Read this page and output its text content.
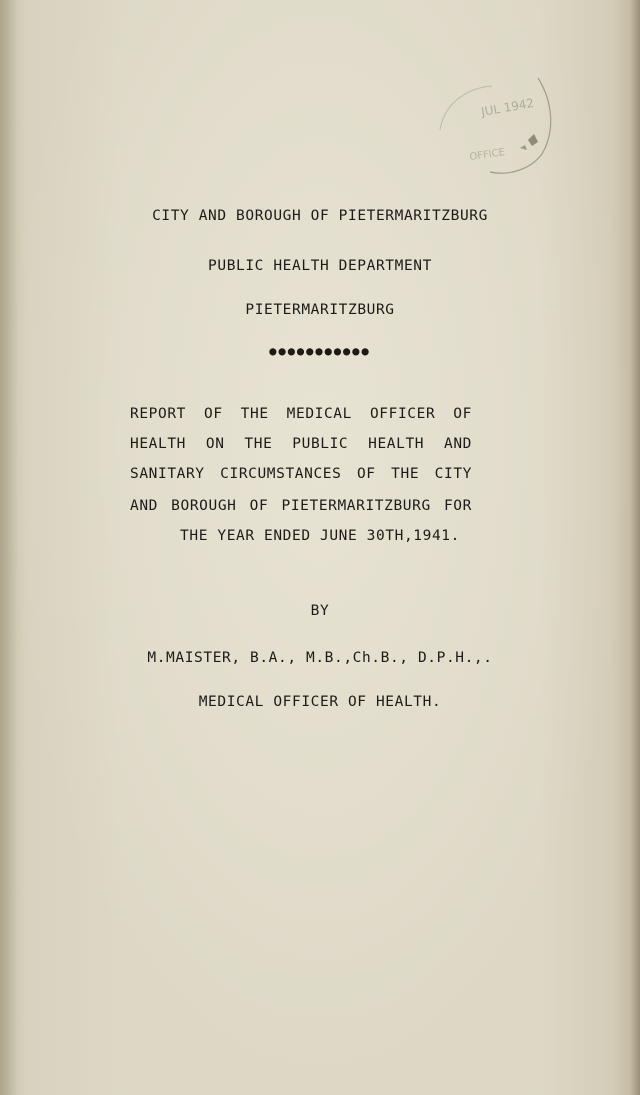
JUL 1942
OFFICE
CITY AND BOROUGH OF PIETERMARITZBURG
PUBLIC HEALTH DEPARTMENT
PIETERMARITZBURG
●●●●●●●●●●●
REPORT OF THE MEDICAL OFFICER OF
HEALTH ON THE PUBLIC HEALTH AND
SANITARY CIRCUMSTANCES OF THE CITY
AND BOROUGH OF PIETERMARITZBURG FOR
THE YEAR ENDED JUNE 30TH,1941.
BY
M.MAISTER, B.A., M.B.,Ch.B., D.P.H.,.
MEDICAL OFFICER OF HEALTH.
